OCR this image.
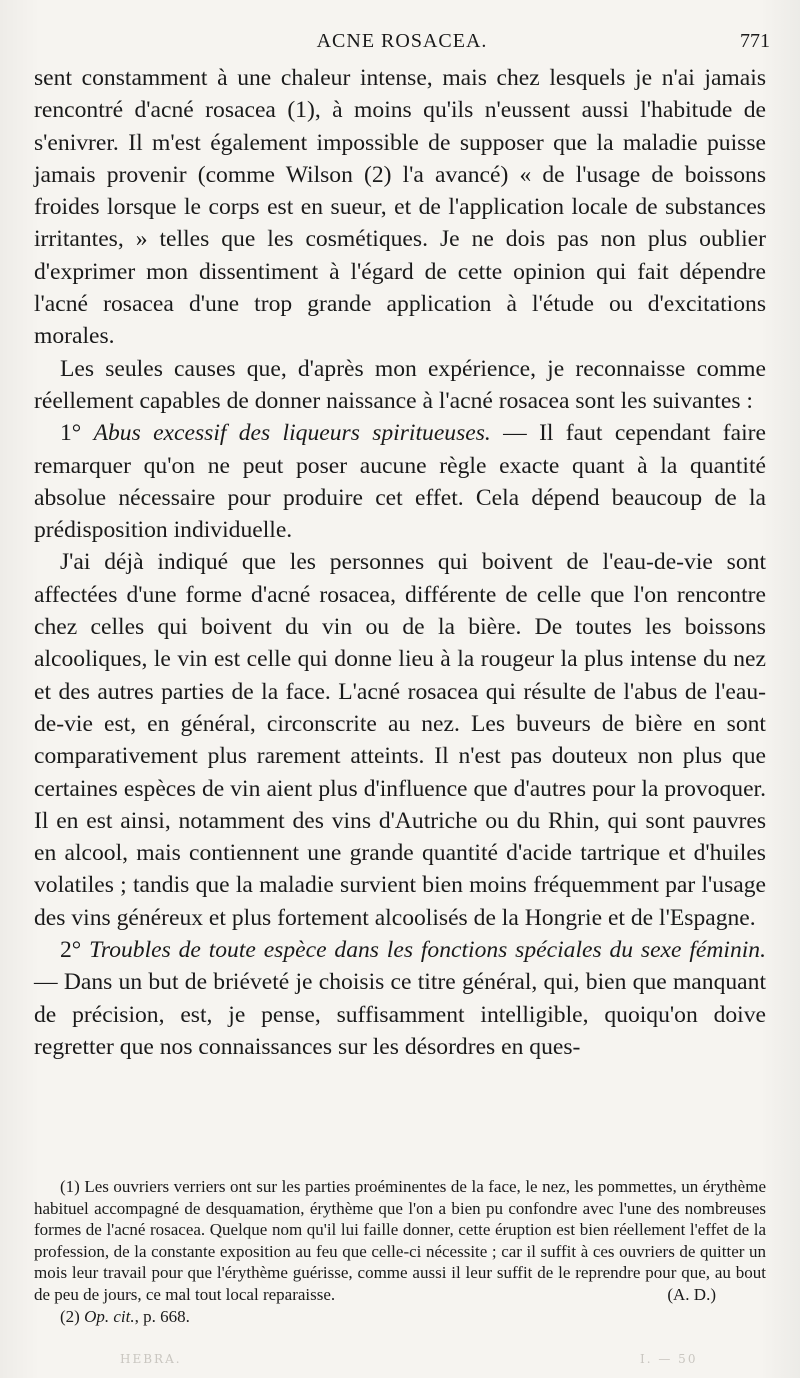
ACNE ROSACEA.	771

sent constamment à une chaleur intense, mais chez lesquels je n'ai jamais rencontré d'acné rosacea (1), à moins qu'ils n'eussent aussi l'habitude de s'enivrer. Il m'est également impossible de supposer que la maladie puisse jamais provenir (comme Wilson (2) l'a avancé) « de l'usage de boissons froides lorsque le corps est en sueur, et de l'application locale de substances irritantes, » telles que les cosmétiques. Je ne dois pas non plus oublier d'exprimer mon dissentiment à l'égard de cette opinion qui fait dépendre l'acné rosacea d'une trop grande application à l'étude ou d'excitations morales.

Les seules causes que, d'après mon expérience, je reconnaisse comme réellement capables de donner naissance à l'acné rosacea sont les suivantes :

1° Abus excessif des liqueurs spiritueuses. — Il faut cependant faire remarquer qu'on ne peut poser aucune règle exacte quant à la quantité absolue nécessaire pour produire cet effet. Cela dépend beaucoup de la prédisposition individuelle.

J'ai déjà indiqué que les personnes qui boivent de l'eau-de-vie sont affectées d'une forme d'acné rosacea, différente de celle que l'on rencontre chez celles qui boivent du vin ou de la bière. De toutes les boissons alcooliques, le vin est celle qui donne lieu à la rougeur la plus intense du nez et des autres parties de la face. L'acné rosacea qui résulte de l'abus de l'eau-de-vie est, en général, circonscrite au nez. Les buveurs de bière en sont comparativement plus rarement atteints. Il n'est pas douteux non plus que certaines espèces de vin aient plus d'influence que d'autres pour la provoquer. Il en est ainsi, notamment des vins d'Autriche ou du Rhin, qui sont pauvres en alcool, mais contiennent une grande quantité d'acide tartrique et d'huiles volatiles ; tandis que la maladie survient bien moins fréquemment par l'usage des vins généreux et plus fortement alcoolisés de la Hongrie et de l'Espagne.

2° Troubles de toute espèce dans les fonctions spéciales du sexe féminin. — Dans un but de briéveté je choisis ce titre général, qui, bien que manquant de précision, est, je pense, suffisamment intelligible, quoiqu'on doive regretter que nos connaissances sur les désordres en ques-

(1) Les ouvriers verriers ont sur les parties proéminentes de la face, le nez, les pommettes, un érythème habituel accompagné de desquamation, érythème que l'on a bien pu confondre avec l'une des nombreuses formes de l'acné rosacea. Quelque nom qu'il lui faille donner, cette éruption est bien réellement l'effet de la profession, de la constante exposition au feu que celle-ci nécessite ; car il suffit à ces ouvriers de quitter un mois leur travail pour que l'érythème guérisse, comme aussi il leur suffit de le reprendre pour que, au bout de peu de jours, ce mal tout local reparaisse.	(A. D.)

(2) Op. cit., p. 668.

HEBRA.	I. — 50
